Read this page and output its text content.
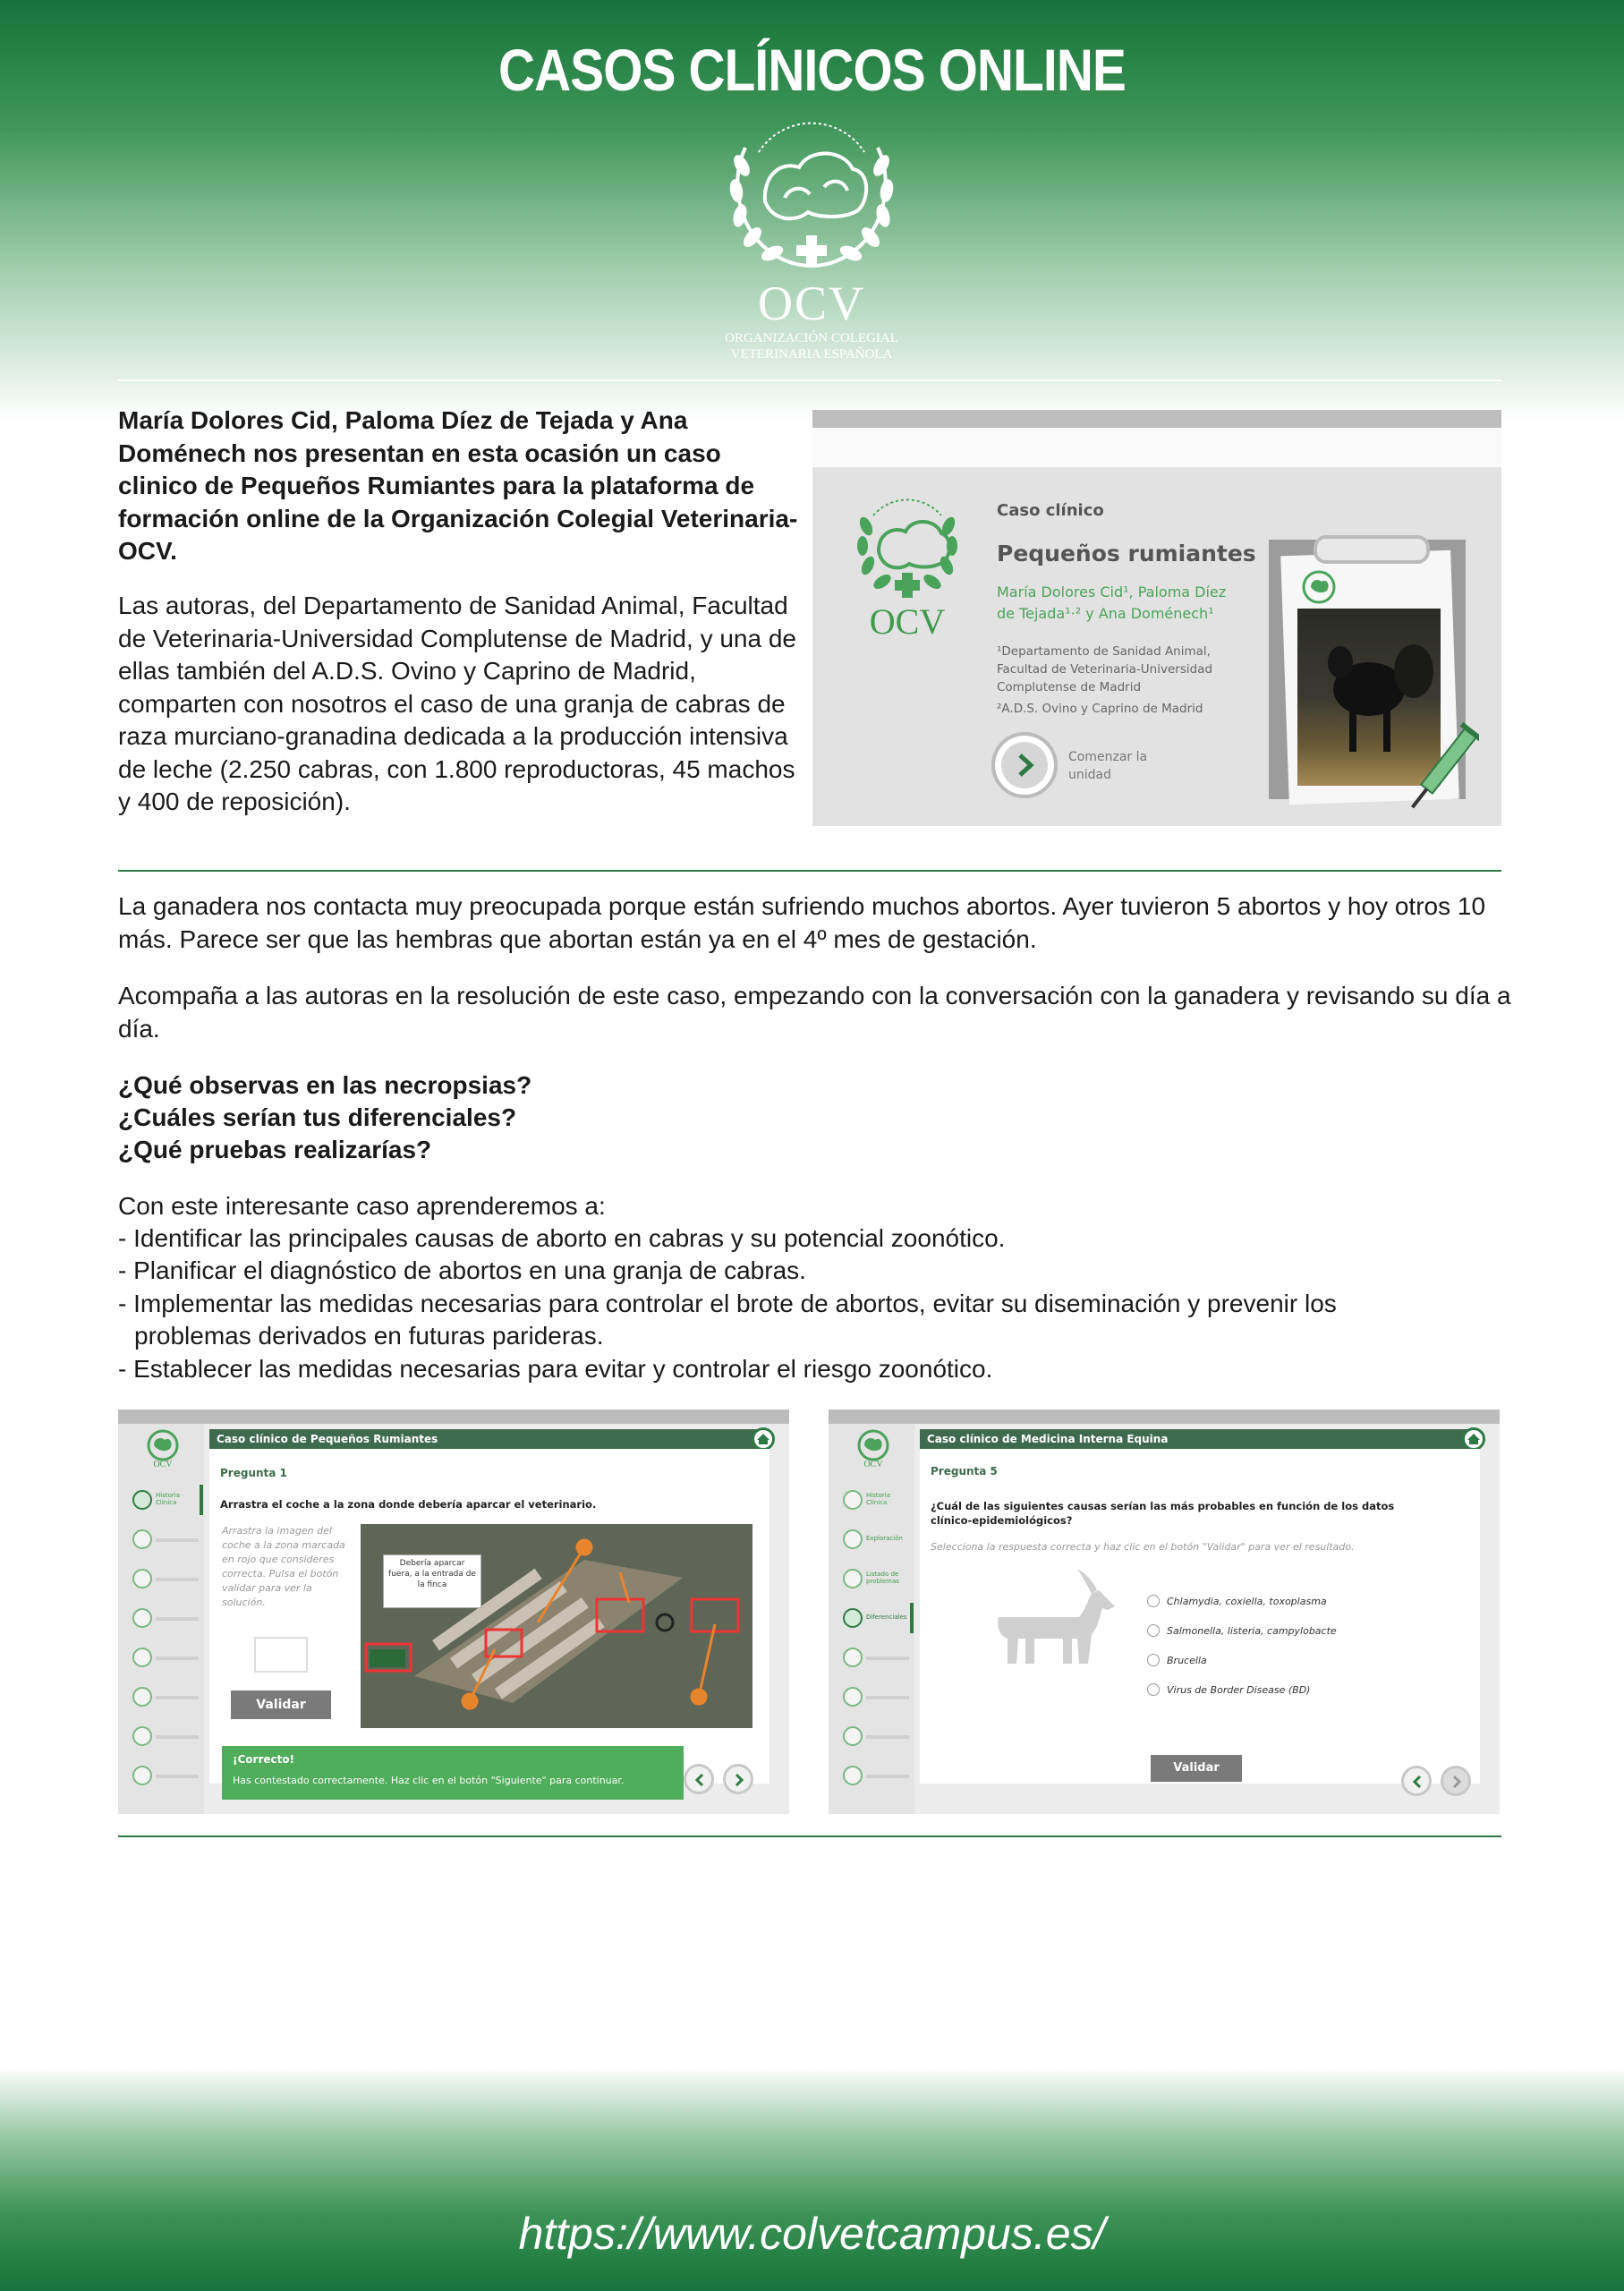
CASOS CLÍNICOS ONLINE
OCV
ORGANIZACIÓN COLEGIAL
VETERINARIA ESPAÑOLA

María Dolores Cid, Paloma Díez de Tejada y Ana Doménech nos presentan en esta ocasión un caso clinico de Pequeños Rumiantes para la plataforma de formación online de la Organización Colegial Veterinaria-OCV.

Las autoras, del Departamento de Sanidad Animal, Facultad de Veterinaria-Universidad Complutense de Madrid, y una de ellas también del A.D.S. Ovino y Caprino de Madrid, comparten con nosotros el caso de una granja de cabras de raza murciano-granadina dedicada a la producción intensiva de leche (2.250 cabras, con 1.800 reproductoras, 45 machos y 400 de reposición).

OCV
Caso clínico
Pequeños rumiantes
María Dolores Cid¹, Paloma Díez de Tejada¹·² y Ana Doménech¹
¹Departamento de Sanidad Animal, Facultad de Veterinaria-Universidad Complutense de Madrid
²A.D.S. Ovino y Caprino de Madrid
Comenzar la unidad

La ganadera nos contacta muy preocupada porque están sufriendo muchos abortos. Ayer tuvieron 5 abortos y hoy otros 10 más. Parece ser que las hembras que abortan están ya en el 4º mes de gestación.

Acompaña a las autoras en la resolución de este caso, empezando con la conversación con la ganadera y revisando su día a día.

¿Qué observas en las necropsias?
¿Cuáles serían tus diferenciales?
¿Qué pruebas realizarías?
Con este interesante caso aprenderemos a:
- Identificar las principales causas de aborto en cabras y su potencial zoonótico.
- Planificar el diagnóstico de abortos en una granja de cabras.
- Implementar las medidas necesarias para controlar el brote de abortos, evitar su diseminación y prevenir los
problemas derivados en futuras parideras.
- Establecer las medidas necesarias para evitar y controlar el riesgo zoonótico.
OCV
Historia Clínica
Caso clínico de Pequeños Rumiantes
Pregunta 1
Arrastra el coche a la zona donde debería aparcar el veterinario.
Arrastra la imagen del coche a la zona marcada en rojo que consideres correcta. Pulsa el botón validar para ver la solución.
Validar
Debería aparcar fuera, a la entrada de la finca
¡Correcto!
Has contestado correctamente. Haz clic en el botón "Siguiente" para continuar.
OCV
Historia Clínica
Exploración
Listado de problemas
Diferenciales
Caso clínico de Medicina Interna Equina
Pregunta 5
¿Cuál de las siguientes causas serían las más probables en función de los datos clínico-epidemiológicos?
Selecciona la respuesta correcta y haz clic en el botón "Validar" para ver el resultado.
Chlamydia, coxiella, toxoplasma
Salmonella, listeria, campylobacte
Brucella
Virus de Border Disease (BD)
Validar
https://www.colvetcampus.es/
